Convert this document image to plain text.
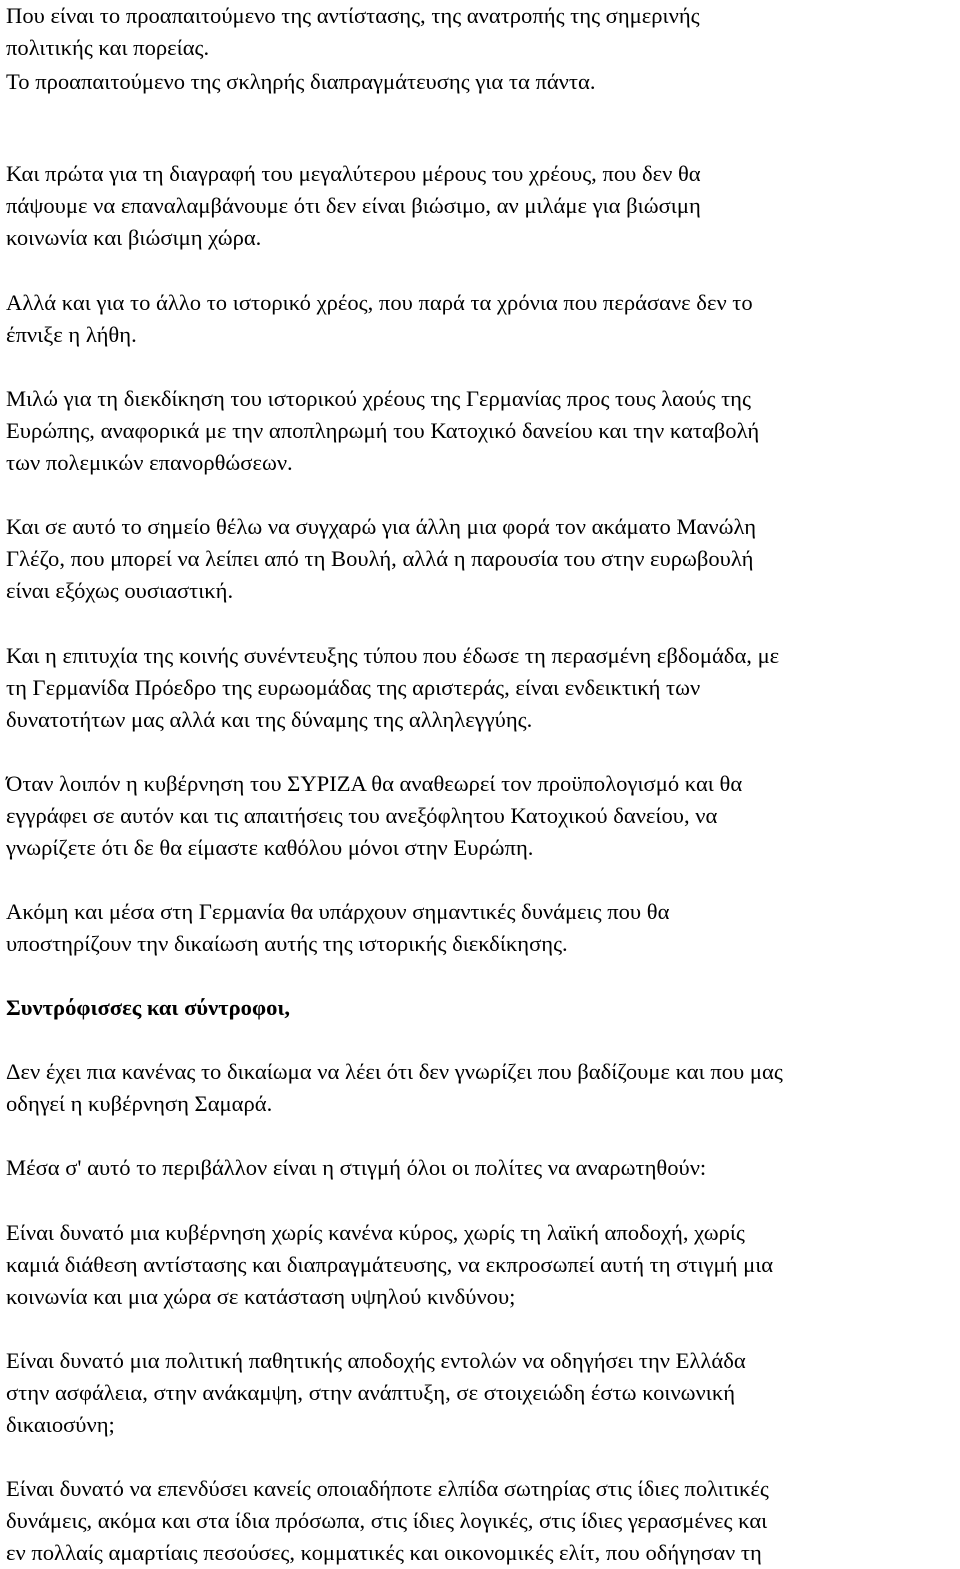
Που είναι το προαπαιτούμενο της αντίστασης, της ανατροπής της σημερινής
πολιτικής και πορείας.
Το προαπαιτούμενο της σκληρής διαπραγμάτευσης για τα πάντα.
Και πρώτα για τη διαγραφή του μεγαλύτερου μέρους του χρέους, που δεν θα
πάψουμε να επαναλαμβάνουμε ότι δεν είναι βιώσιμο, αν μιλάμε για βιώσιμη
κοινωνία και βιώσιμη χώρα.
Αλλά και για το άλλο το ιστορικό χρέος, που παρά τα χρόνια που περάσανε δεν το
έπνιξε η λήθη.
Μιλώ για τη διεκδίκηση του ιστορικού χρέους της Γερμανίας προς τους λαούς της
Ευρώπης, αναφορικά με την αποπληρωμή του Κατοχικό δανείου και την καταβολή
των πολεμικών επανορθώσεων.
Και σε αυτό το σημείο θέλω να συγχαρώ για άλλη μια φορά τον ακάματο Μανώλη
Γλέζο, που μπορεί να λείπει από τη Βουλή, αλλά η παρουσία του στην ευρωβουλή
είναι εξόχως ουσιαστική.
Και η επιτυχία της κοινής συνέντευξης τύπου που έδωσε τη περασμένη εβδομάδα, με
τη Γερμανίδα Πρόεδρο της ευρωομάδας της αριστεράς, είναι ενδεικτική των
δυνατοτήτων μας αλλά και της δύναμης της αλληλεγγύης.
Όταν λοιπόν η κυβέρνηση του ΣΥΡΙΖΑ θα αναθεωρεί τον προϋπολογισμό και θα
εγγράφει σε αυτόν και τις απαιτήσεις του ανεξόφλητου Κατοχικού δανείου, να
γνωρίζετε ότι δε θα είμαστε καθόλου μόνοι στην Ευρώπη.
Ακόμη και μέσα στη Γερμανία θα υπάρχουν σημαντικές δυνάμεις που θα
υποστηρίζουν την δικαίωση αυτής της ιστορικής διεκδίκησης.
Συντρόφισσες και σύντροφοι,
Δεν έχει πια κανένας το δικαίωμα να λέει ότι δεν γνωρίζει που βαδίζουμε και που μας
οδηγεί η κυβέρνηση Σαμαρά.
Μέσα σ' αυτό το περιβάλλον είναι η στιγμή όλοι οι πολίτες να αναρωτηθούν:
Είναι δυνατό μια κυβέρνηση χωρίς κανένα κύρος, χωρίς τη λαϊκή αποδοχή, χωρίς
καμιά διάθεση αντίστασης και διαπραγμάτευσης, να εκπροσωπεί αυτή τη στιγμή μια
κοινωνία και μια χώρα σε κατάσταση υψηλού κινδύνου;
Είναι δυνατό μια πολιτική παθητικής αποδοχής εντολών να οδηγήσει την Ελλάδα
στην ασφάλεια, στην ανάκαμψη, στην ανάπτυξη, σε στοιχειώδη έστω κοινωνική
δικαιοσύνη;
Είναι δυνατό να επενδύσει κανείς οποιαδήποτε ελπίδα σωτηρίας στις ίδιες πολιτικές
δυνάμεις, ακόμα και στα ίδια πρόσωπα, στις ίδιες λογικές, στις ίδιες γερασμένες και
εν πολλαίς αμαρτίαις πεσούσες, κομματικές και οικονομικές ελίτ, που οδήγησαν τη
